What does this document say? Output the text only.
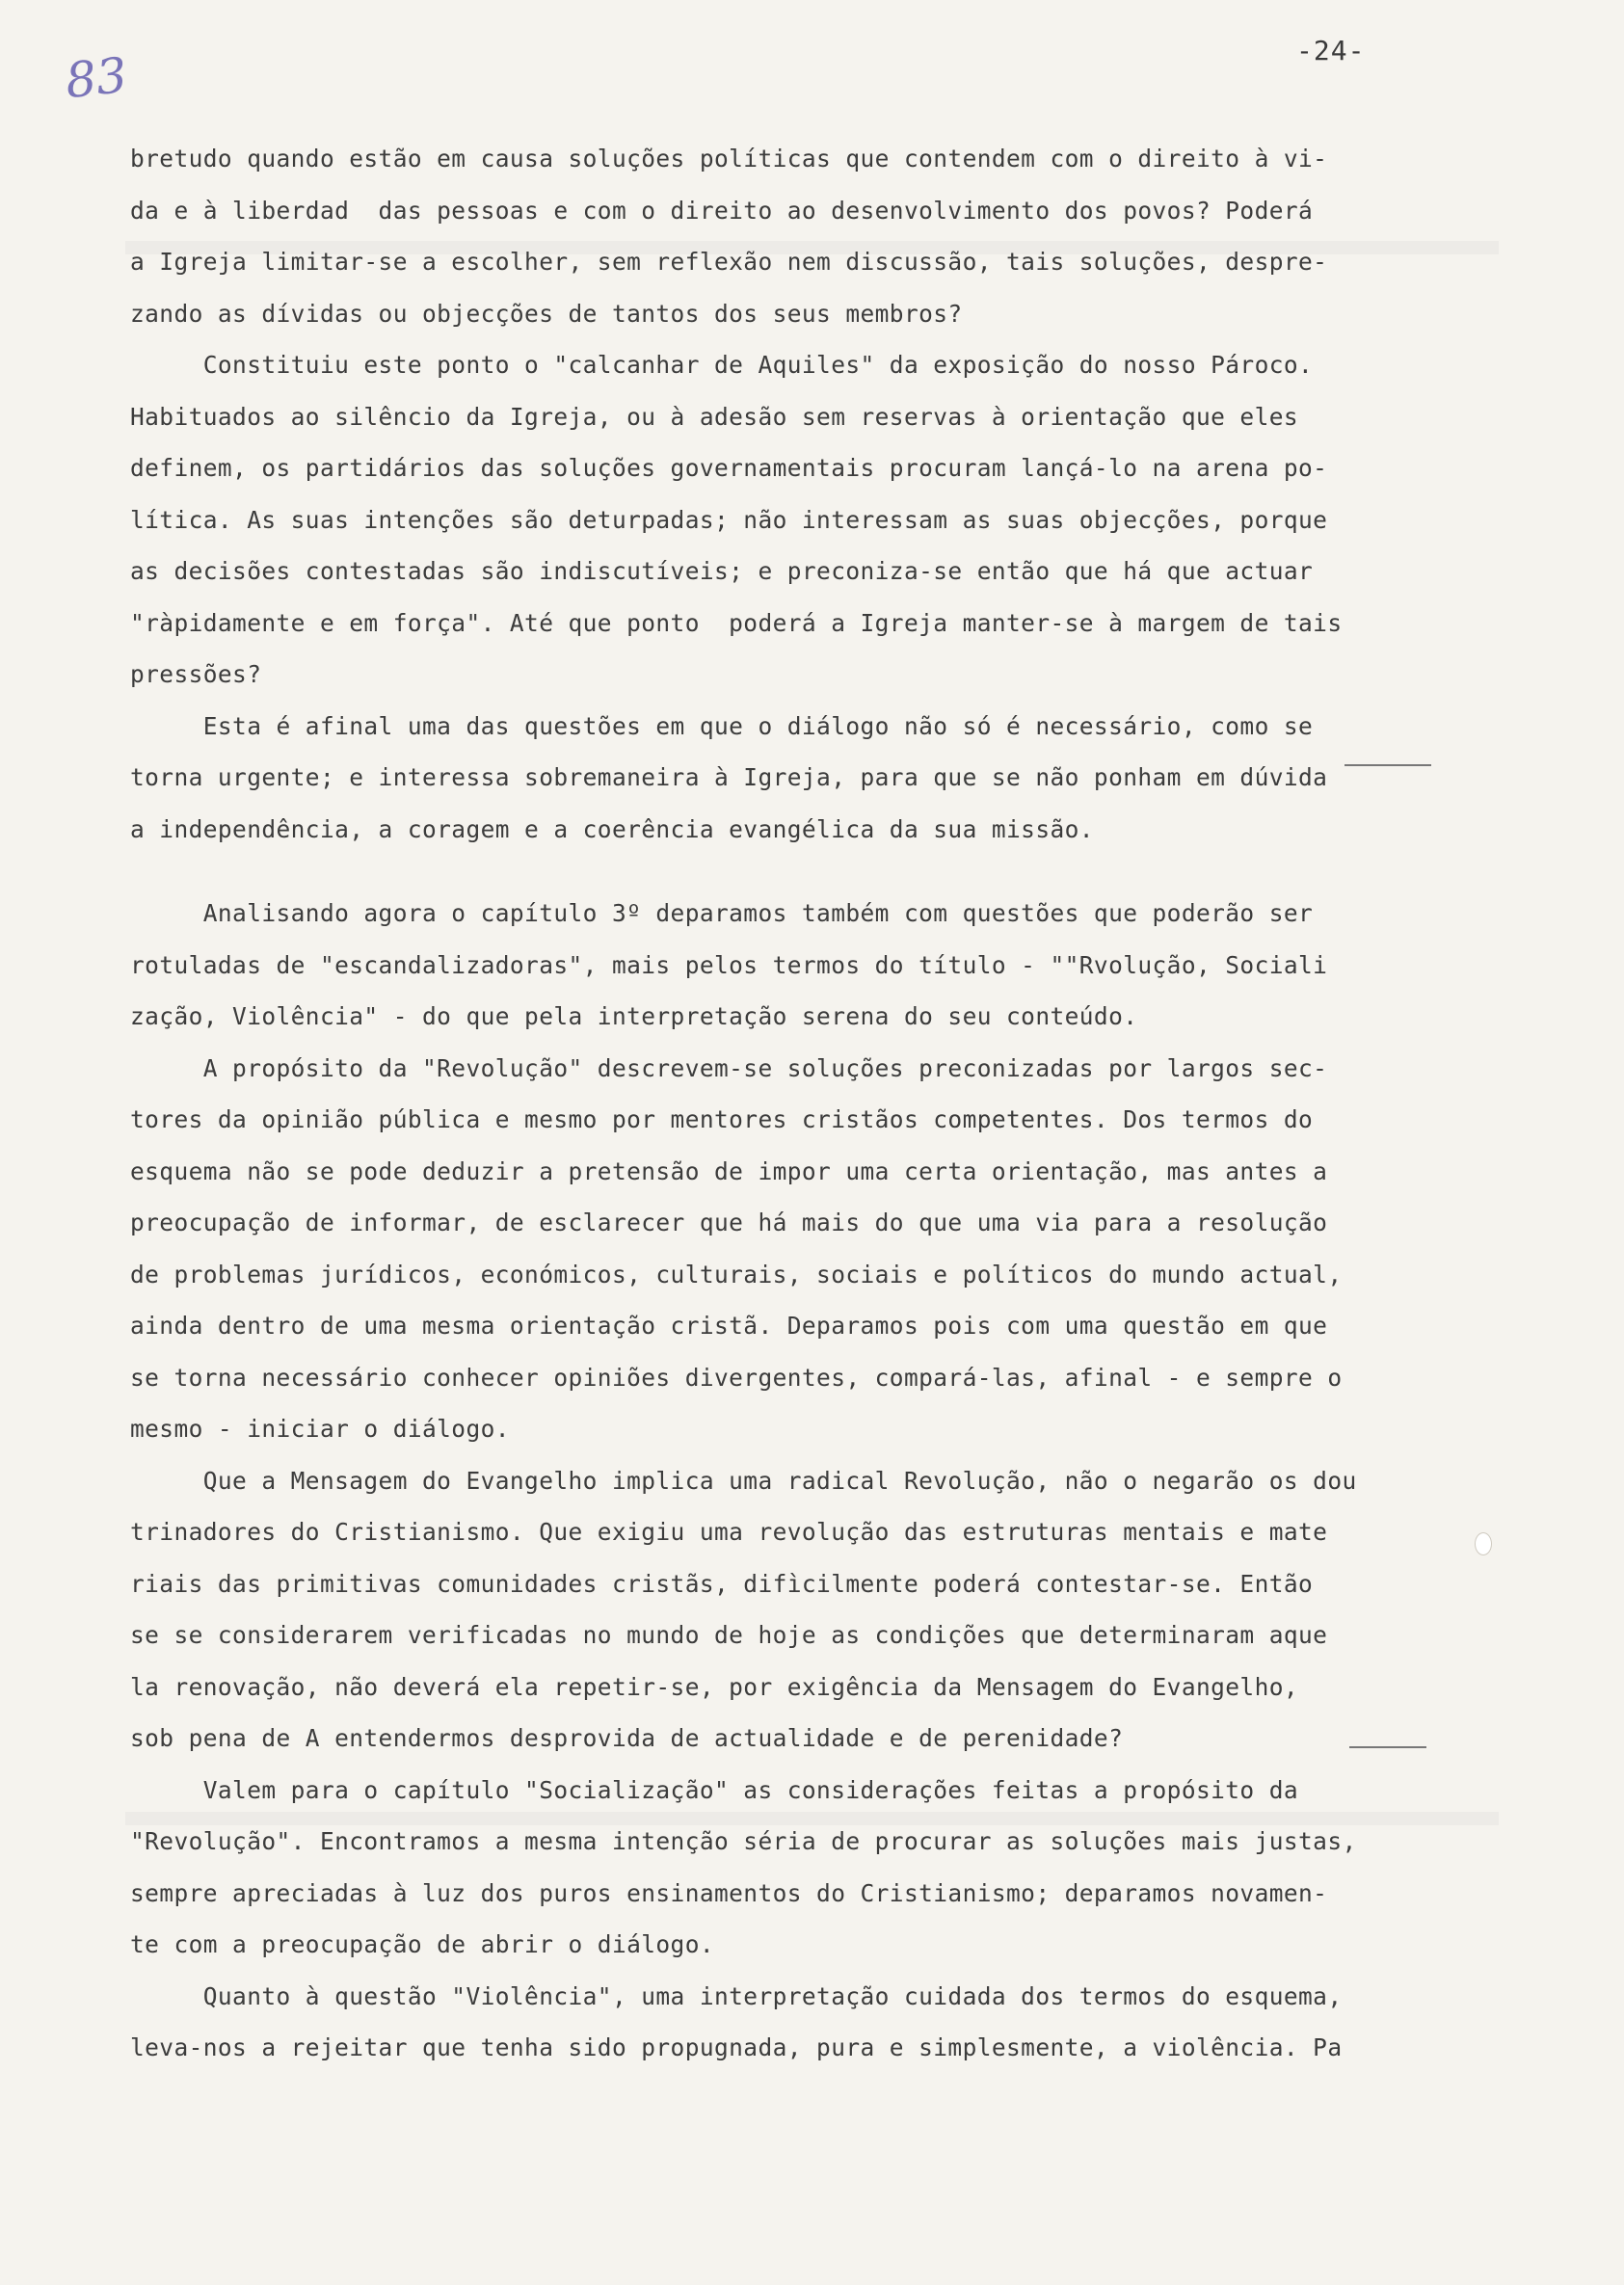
83	-24-
bretudo quando estão em causa soluções políticas que contendem com o direito à vi-
da e à liberdad  das pessoas e com o direito ao desenvolvimento dos povos? Poderá
a Igreja limitar-se a escolher, sem reflexão nem discussão, tais soluções, despre-
zando as dívidas ou objecções de tantos dos seus membros?
Constituiu este ponto o "calcanhar de Aquiles" da exposição do nosso Pároco.
Habituados ao silêncio da Igreja, ou à adesão sem reservas à orientação que eles
definem, os partidários das soluções governamentais procuram lançá-lo na arena po-
lítica. As suas intenções são deturpadas; não interessam as suas objecções, porque
as decisões contestadas são indiscutíveis; e preconiza-se então que há que actuar
"ràpidamente e em força". Até que ponto  poderá a Igreja manter-se à margem de tais
pressões?
Esta é afinal uma das questões em que o diálogo não só é necessário, como se
torna urgente; e interessa sobremaneira à Igreja, para que se não ponham em dúvida
a independência, a coragem e a coerência evangélica da sua missão.
Analisando agora o capítulo 3º deparamos também com questões que poderão ser
rotuladas de "escandalizadoras", mais pelos termos do título - ""Rvolução, Sociali
zação, Violência" - do que pela interpretação serena do seu conteúdo.
A propósito da "Revolução" descrevem-se soluções preconizadas por largos sec-
tores da opinião pública e mesmo por mentores cristãos competentes. Dos termos do
esquema não se pode deduzir a pretensão de impor uma certa orientação, mas antes a
preocupação de informar, de esclarecer que há mais do que uma via para a resolução
de problemas jurídicos, económicos, culturais, sociais e políticos do mundo actual,
ainda dentro de uma mesma orientação cristã. Deparamos pois com uma questão em que
se torna necessário conhecer opiniões divergentes, compará-las, afinal - e sempre o
mesmo - iniciar o diálogo.
Que a Mensagem do Evangelho implica uma radical Revolução, não o negarão os dou
trinadores do Cristianismo. Que exigiu uma revolução das estruturas mentais e mate
riais das primitivas comunidades cristãs, difìcilmente poderá contestar-se. Então
se se considerarem verificadas no mundo de hoje as condições que determinaram aque
la renovação, não deverá ela repetir-se, por exigência da Mensagem do Evangelho,
sob pena de A entendermos desprovida de actualidade e de perenidade?
Valem para o capítulo "Socialização" as considerações feitas a propósito da
"Revolução". Encontramos a mesma intenção séria de procurar as soluções mais justas,
sempre apreciadas à luz dos puros ensinamentos do Cristianismo; deparamos novamen-
te com a preocupação de abrir o diálogo.
Quanto à questão "Violência", uma interpretação cuidada dos termos do esquema,
leva-nos a rejeitar que tenha sido propugnada, pura e simplesmente, a violência. Pa
